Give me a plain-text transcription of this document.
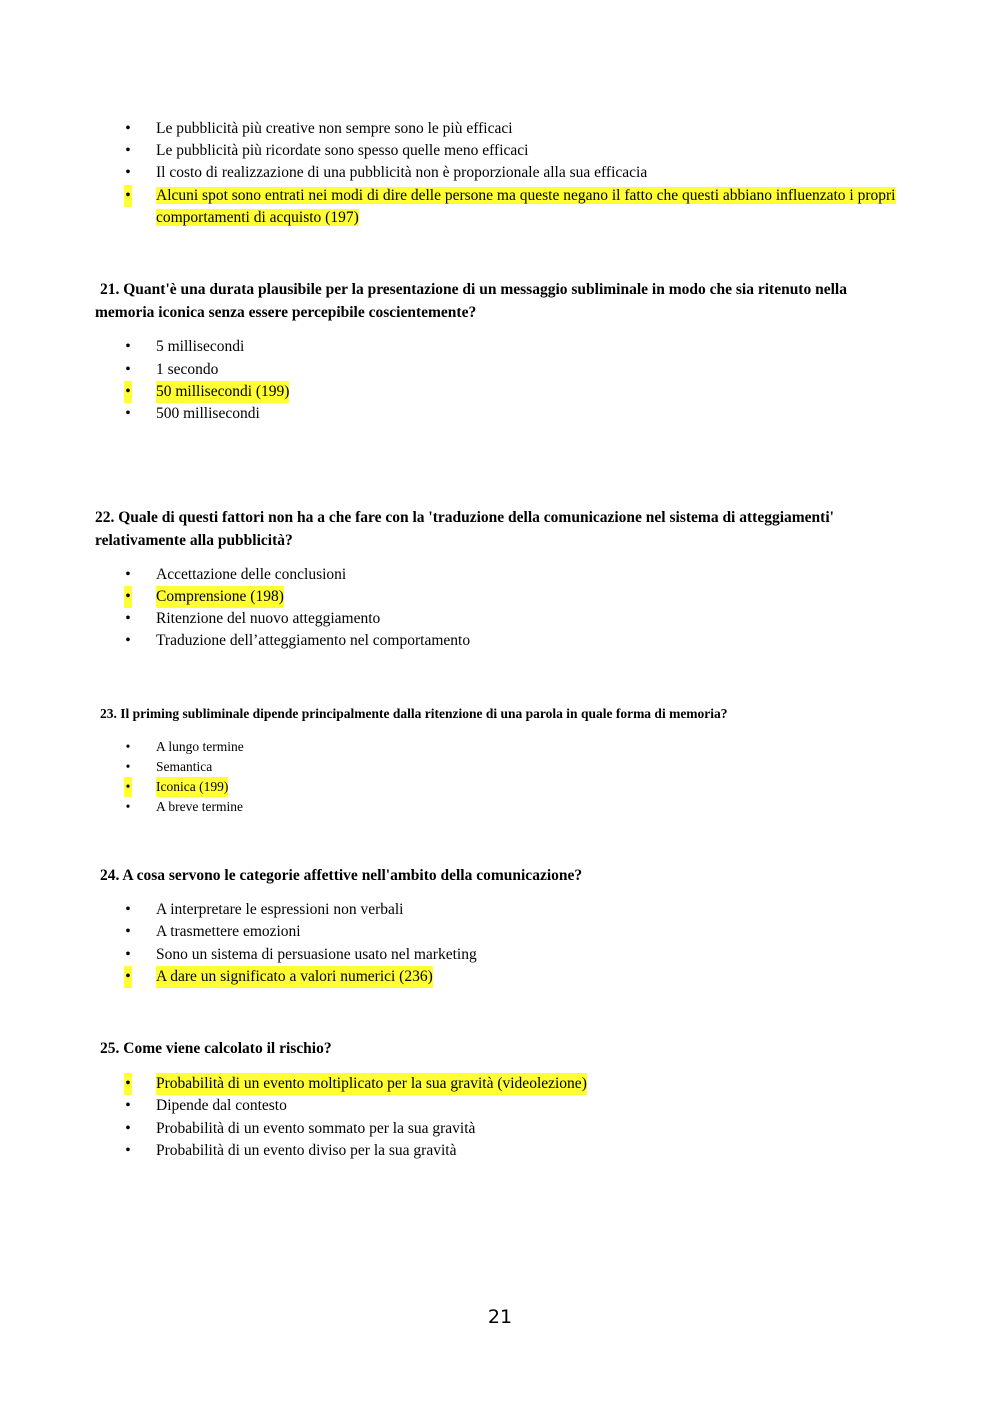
• Le pubblicità più creative non sempre sono le più efficaci
• Le pubblicità più ricordate sono spesso quelle meno efficaci
• Il costo di realizzazione di una pubblicità non è proporzionale alla sua efficacia
• Alcuni spot sono entrati nei modi di dire delle persone ma queste negano il fatto che questi abbiano influenzato i propri comportamenti di acquisto (197)

21. Quant'è una durata plausibile per la presentazione di un messaggio subliminale in modo che sia ritenuto nella memoria iconica senza essere percepibile coscientemente?

• 5 millisecondi
• 1 secondo
• 50 millisecondi (199)
• 500 millisecondi

22. Quale di questi fattori non ha a che fare con la 'traduzione della comunicazione nel sistema di atteggiamenti' relativamente alla pubblicità?

• Accettazione delle conclusioni
• Comprensione (198)
• Ritenzione del nuovo atteggiamento
• Traduzione dell’atteggiamento nel comportamento

23. Il priming subliminale dipende principalmente dalla ritenzione di una parola in quale forma di memoria?

• A lungo termine
• Semantica
• Iconica (199)
• A breve termine

24. A cosa servono le categorie affettive nell'ambito della comunicazione?

• A interpretare le espressioni non verbali
• A trasmettere emozioni
• Sono un sistema di persuasione usato nel marketing
• A dare un significato a valori numerici (236)

25. Come viene calcolato il rischio?

• Probabilità di un evento moltiplicato per la sua gravità (videolezione)
• Dipende dal contesto
• Probabilità di un evento sommato per la sua gravità
• Probabilità di un evento diviso per la sua gravità
21
